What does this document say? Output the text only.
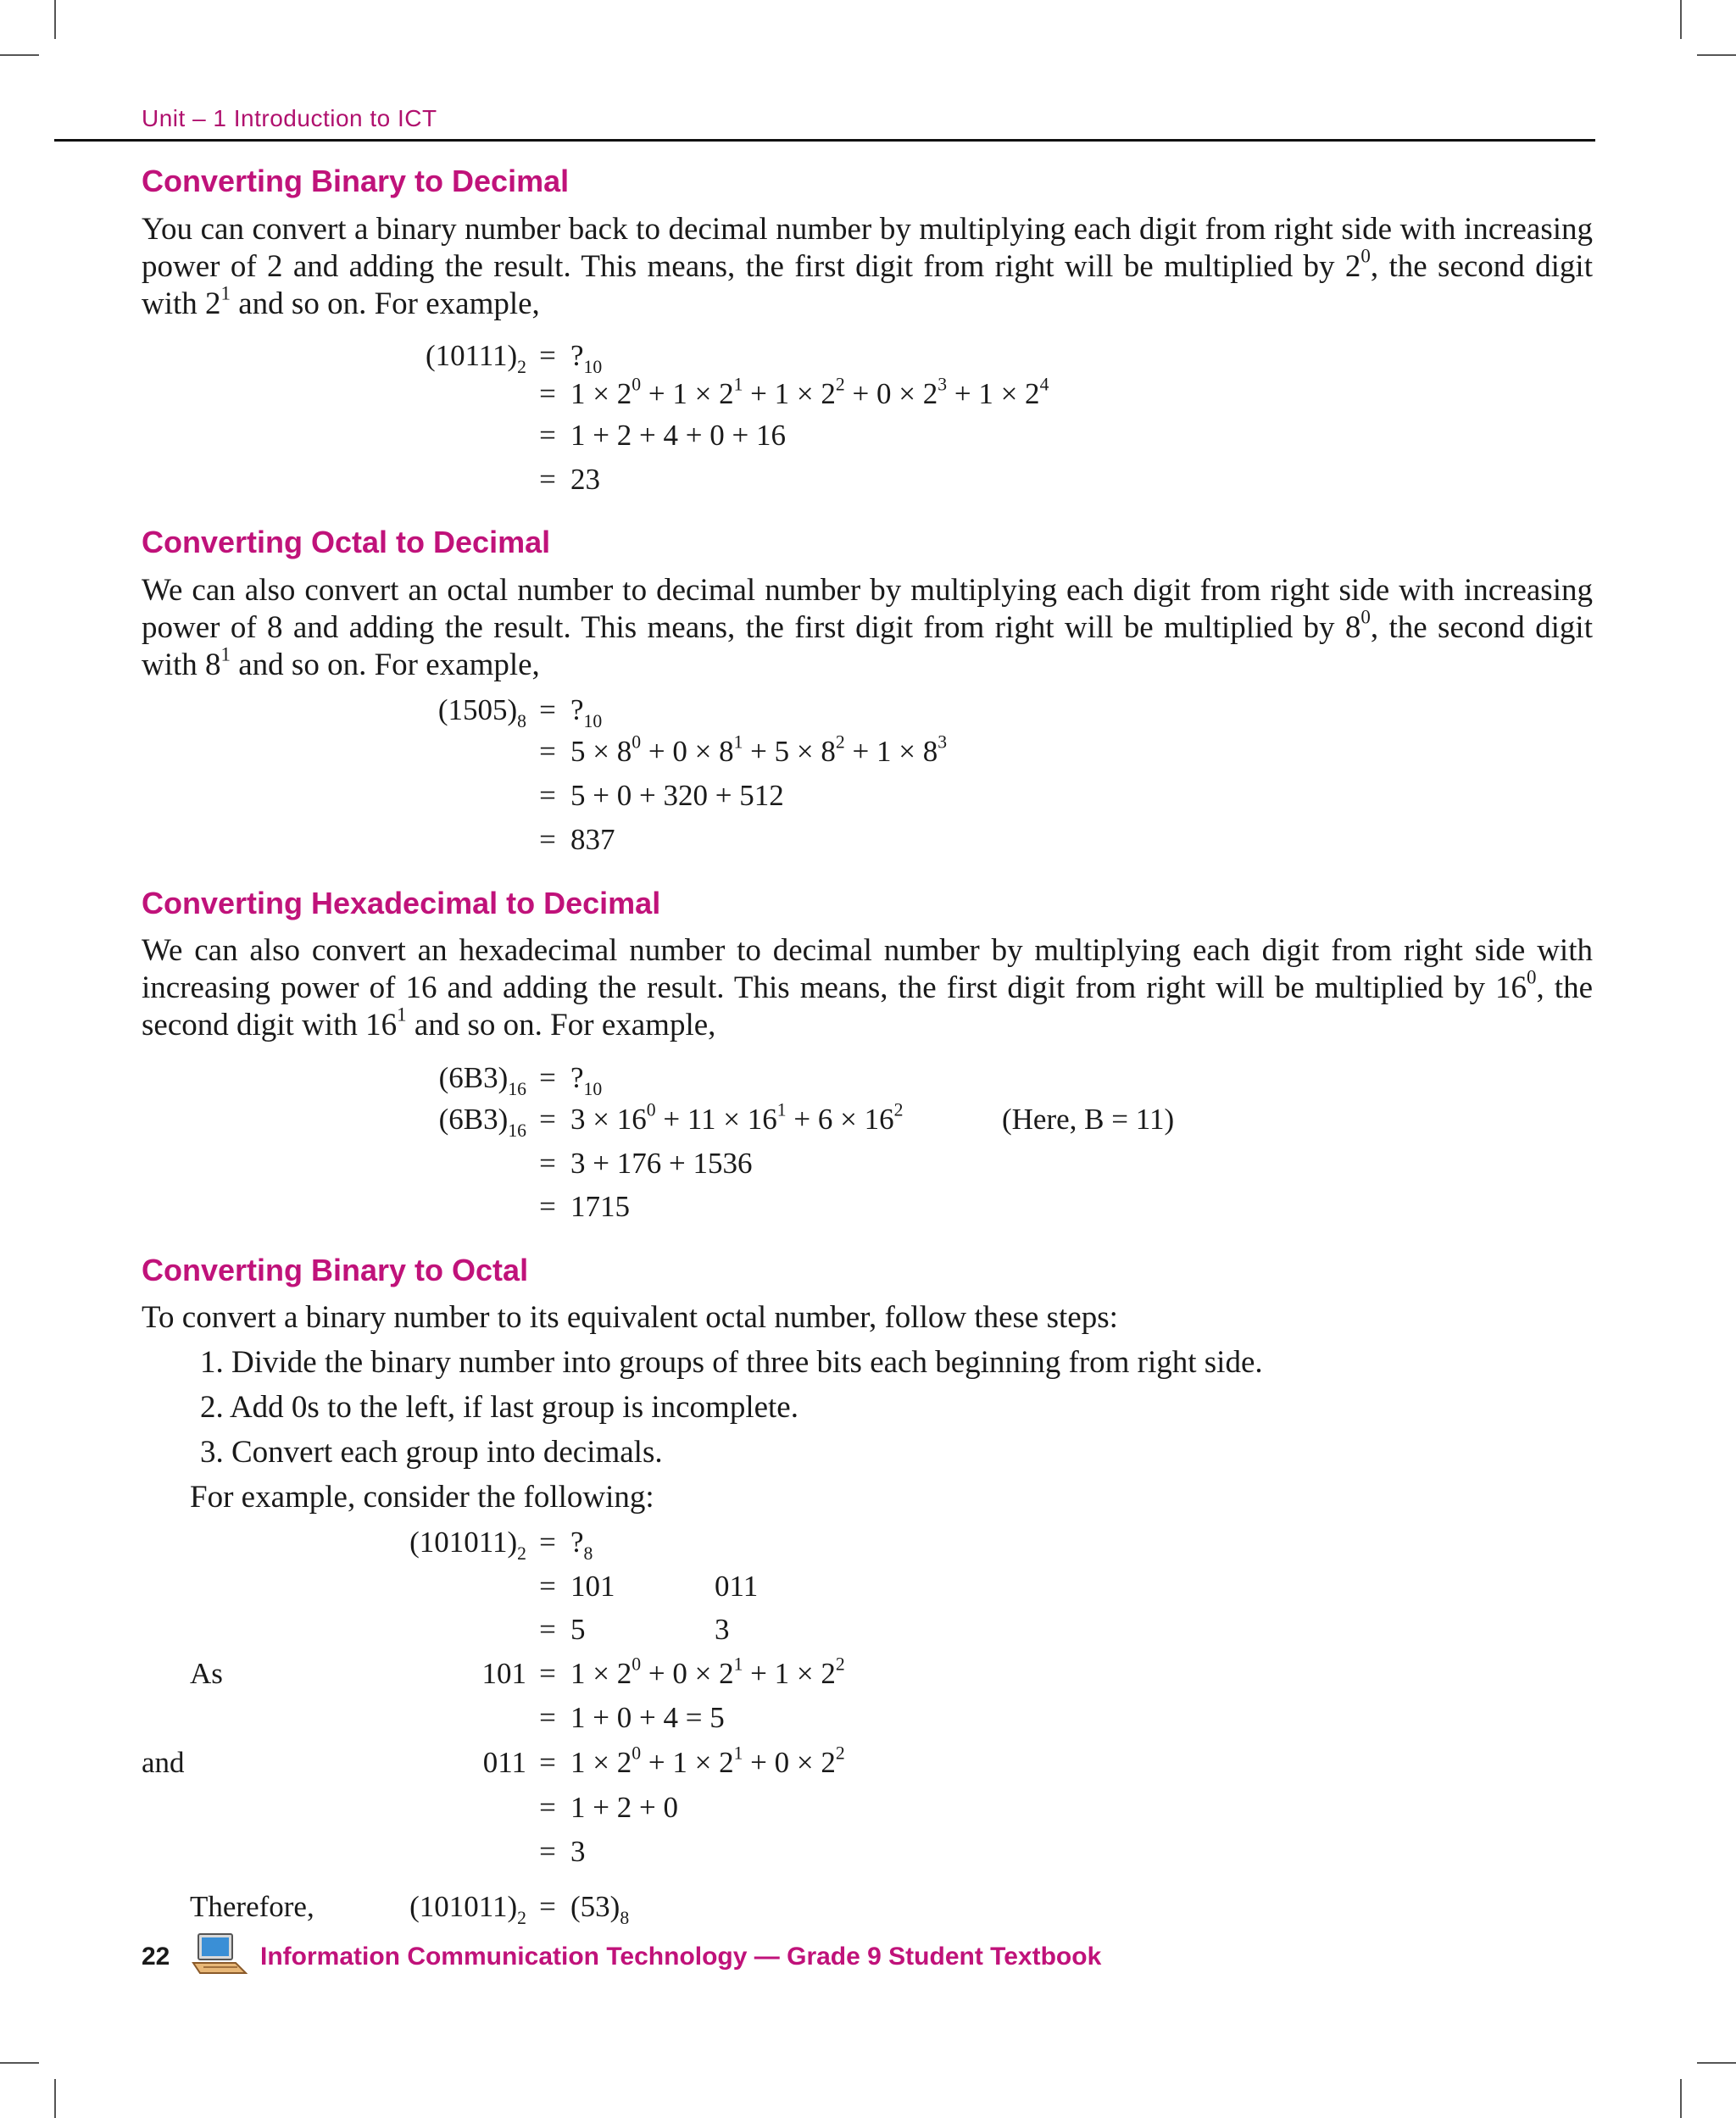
Unit – 1 Introduction to ICT
Converting Binary to Decimal
You can convert a binary number back to decimal number by multiplying each digit from right side with increasing power of 2 and adding the result. This means, the first digit from right will be multiplied by $2^0$, the second digit with $2^1$ and so on. For example,
$(10111)_2$ = $?_{10}$
= $1 \times 2^0 + 1 \times 2^1 + 1 \times 2^2 + 0 \times 2^3 + 1 \times 2^4$
= 1 + 2 + 4 + 0 + 16
= 23
Converting Octal to Decimal
We can also convert an octal number to decimal number by multiplying each digit from right side with increasing power of 8 and adding the result. This means, the first digit from right will be multiplied by $8^0$, the second digit with $8^1$ and so on. For example,
$(1505)_8$ = $?_{10}$
= $5 \times 8^0 + 0 \times 8^1 + 5 \times 8^2 + 1 \times 8^3$
= 5 + 0 + 320 + 512
= 837
Converting Hexadecimal to Decimal
We can also convert an hexadecimal number to decimal number by multiplying each digit from right side with increasing power of 16 and adding the result. This means, the first digit from right will be multiplied by $16^0$, the second digit with $16^1$ and so on. For example,
$(6B3)_{16}$ = $?_{10}$
$(6B3)_{16} = 3 \times 16^0 + 11 \times 16^1 + 6 \times 16^2$	(Here, B = 11)
= 3 + 176 + 1536
= 1715
Converting Binary to Octal
To convert a binary number to its equivalent octal number, follow these steps:
1. Divide the binary number into groups of three bits each beginning from right side.
2. Add 0s to the left, if last group is incomplete.
3. Convert each group into decimals.
For example, consider the following:
$(101011)_2$ = $?_8$
= 101	011
= 5	3
As	$101 = 1 \times 2^0 + 0 \times 2^1 + 1 \times 2^2$
= 1 + 0 + 4 = 5
and	$011 = 1 \times 2^0 + 1 \times 2^1 + 0 \times 2^2$
= 1 + 2 + 0
= 3
Therefore,	$(101011)_2 = (53)_8$
22	Information Communication Technology — Grade 9 Student Textbook
